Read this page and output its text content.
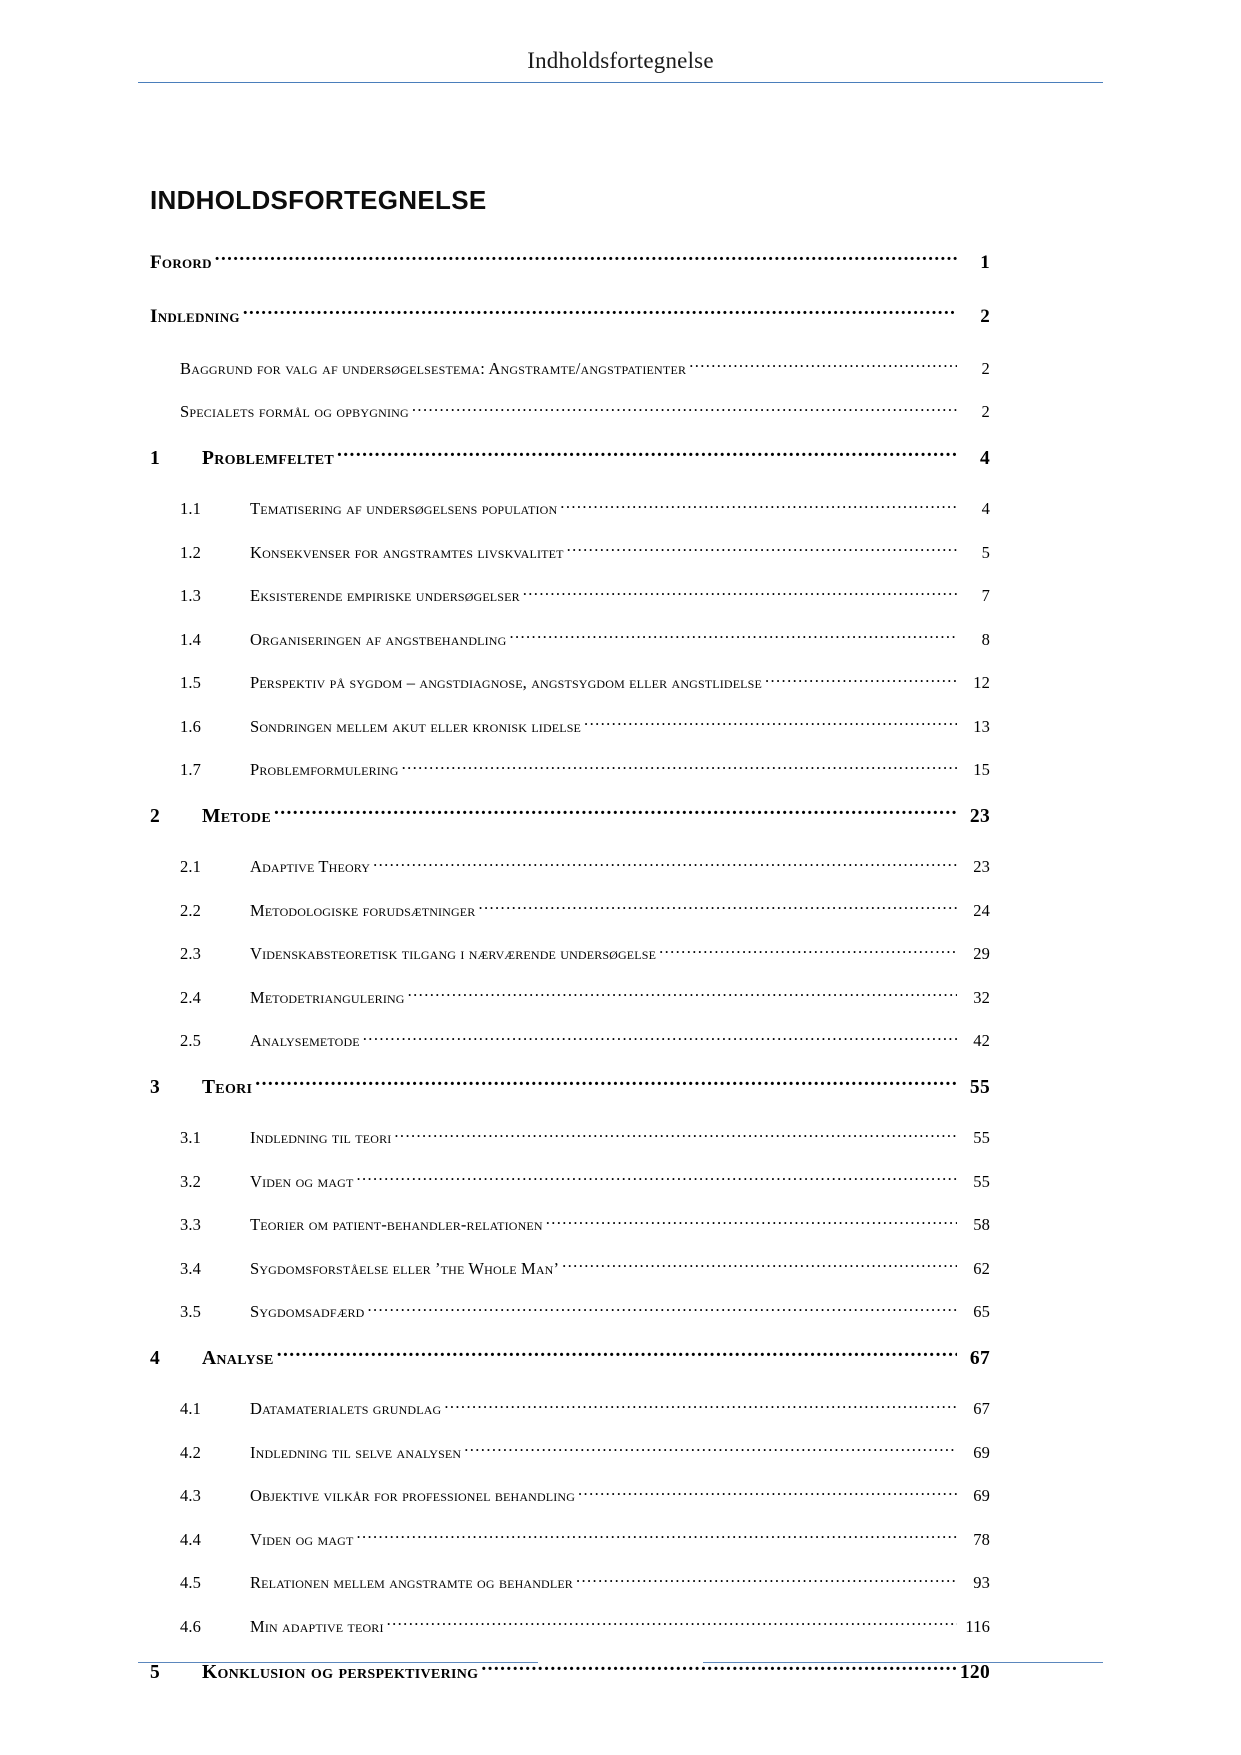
Indholdsfortegnelse
INDHOLDSFORTEGNELSE
Forord .....	1
Indledning .....	2
Baggrund for valg af undersøgelsestema: Angstramte/angstpatienter .....	2
Specialets formål og opbygning .....	2
1	Problemfeltet .....	4
1.1	Tematisering af undersøgelsens population .....	4
1.2	Konsekvenser for angstramtes livskvalitet .....	5
1.3	Eksisterende empiriske undersøgelser .....	7
1.4	Organiseringen af angstbehandling .....	8
1.5	Perspektiv på sygdom – angstdiagnose, angstsygdom eller angstlidelse .....	12
1.6	Sondringen mellem akut eller kronisk lidelse .....	13
1.7	Problemformulering .....	15
2	Metode .....	23
2.1	Adaptive Theory .....	23
2.2	Metodologiske forudsætninger .....	24
2.3	Videnskabsteoretisk tilgang i nærværende undersøgelse .....	29
2.4	Metodetriangulering .....	32
2.5	Analysemetode .....	42
3	Teori .....	55
3.1	Indledning til teori .....	55
3.2	Viden og magt .....	55
3.3	Teorier om patient-behandler-relationen .....	58
3.4	Sygdomsforståelse eller ’the Whole Man’ .....	62
3.5	Sygdomsadfærd .....	65
4	Analyse .....	67
4.1	Datamaterialets grundlag .....	67
4.2	Indledning til selve analysen .....	69
4.3	Objektive vilkår for professionel behandling .....	69
4.4	Viden og magt .....	78
4.5	Relationen mellem angstramte og behandler .....	93
4.6	Min adaptive teori .....	116
5	Konklusion og perspektivering .....	120
